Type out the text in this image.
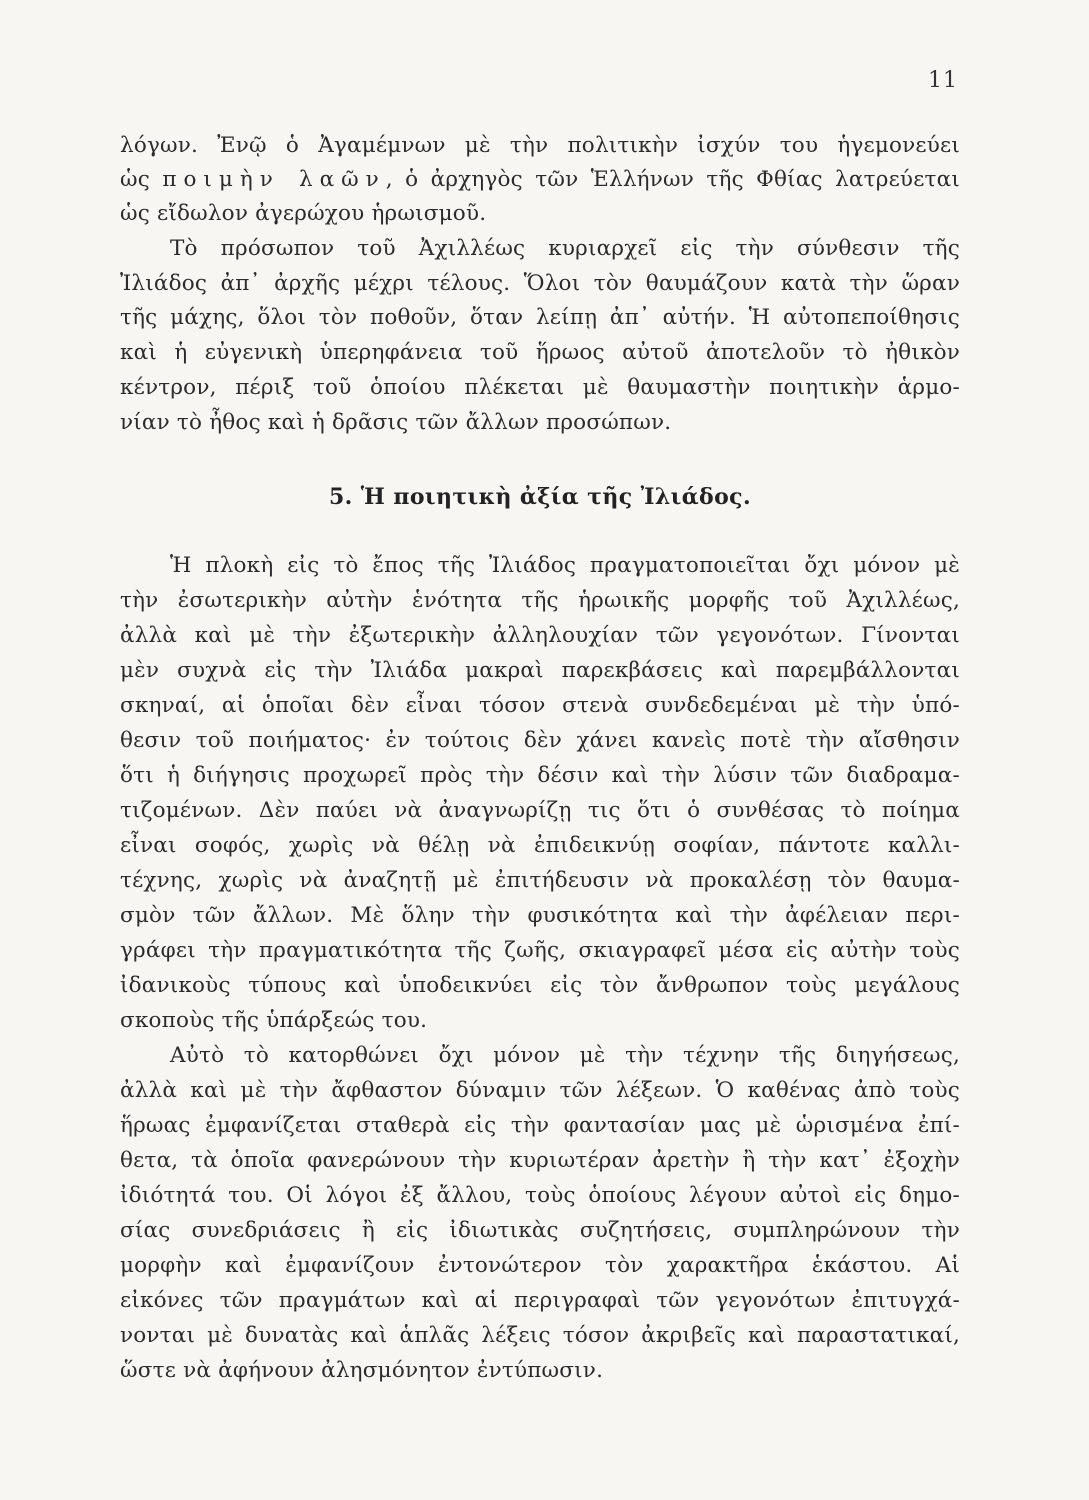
11
λόγων. Ἐνῷ ὁ Ἀγαμέμνων μὲ τὴν πολιτικὴν ἰσχύν του ἡγεμονεύει
ὡς ποιμὴν λαῶν, ὁ ἀρχηγὸς τῶν Ἑλλήνων τῆς Φθίας λατρεύεται
ὡς εἴδωλον ἀγερώχου ἡρωισμοῦ.
Τὸ πρόσωπον τοῦ Ἀχιλλέως κυριαρχεῖ εἰς τὴν σύνθεσιν τῆς
Ἰλιάδος ἀπ᾿ ἀρχῆς μέχρι τέλους. Ὅλοι τὸν θαυμάζουν κατὰ τὴν ὥραν
τῆς μάχης, ὅλοι τὸν ποθοῦν, ὅταν λείπῃ ἀπ᾿ αὐτήν. Ἡ αὐτοπεποίθησις
καὶ ἡ εὐγενικὴ ὑπερηφάνεια τοῦ ἥρωος αὐτοῦ ἀποτελοῦν τὸ ἠθικὸν
κέντρον, πέριξ τοῦ ὁποίου πλέκεται μὲ θαυμαστὴν ποιητικὴν ἁρμο-
νίαν τὸ ἦθος καὶ ἡ δρᾶσις τῶν ἄλλων προσώπων.
5. Ἡ ποιητικὴ ἀξία τῆς Ἰλιάδος.
Ἡ πλοκὴ εἰς τὸ ἔπος τῆς Ἰλιάδος πραγματοποιεῖται ὄχι μόνον μὲ
τὴν ἐσωτερικὴν αὐτὴν ἑνότητα τῆς ἡρωικῆς μορφῆς τοῦ Ἀχιλλέως,
ἀλλὰ καὶ μὲ τὴν ἐξωτερικὴν ἀλληλουχίαν τῶν γεγονότων. Γίνονται
μὲν συχνὰ εἰς τὴν Ἰλιάδα μακραὶ παρεκβάσεις καὶ παρεμβάλλονται
σκηναί, αἱ ὁποῖαι δὲν εἶναι τόσον στενὰ συνδεδεμέναι μὲ τὴν ὑπό-
θεσιν τοῦ ποιήματος· ἐν τούτοις δὲν χάνει κανεὶς ποτὲ τὴν αἴσθησιν
ὅτι ἡ διήγησις προχωρεῖ πρὸς τὴν δέσιν καὶ τὴν λύσιν τῶν διαδραμα-
τιζομένων. Δὲν παύει νὰ ἀναγνωρίζῃ τις ὅτι ὁ συνθέσας τὸ ποίημα
εἶναι σοφός, χωρὶς νὰ θέλῃ νὰ ἐπιδεικνύῃ σοφίαν, πάντοτε καλλι-
τέχνης, χωρὶς νὰ ἀναζητῇ μὲ ἐπιτήδευσιν νὰ προκαλέσῃ τὸν θαυμα-
σμὸν τῶν ἄλλων. Μὲ ὅλην τὴν φυσικότητα καὶ τὴν ἀφέλειαν περι-
γράφει τὴν πραγματικότητα τῆς ζωῆς, σκιαγραφεῖ μέσα εἰς αὐτὴν τοὺς
ἰδανικοὺς τύπους καὶ ὑποδεικνύει εἰς τὸν ἄνθρωπον τοὺς μεγάλους
σκοποὺς τῆς ὑπάρξεώς του.
Αὐτὸ τὸ κατορθώνει ὄχι μόνον μὲ τὴν τέχνην τῆς διηγήσεως,
ἀλλὰ καὶ μὲ τὴν ἄφθαστον δύναμιν τῶν λέξεων. Ὁ καθένας ἀπὸ τοὺς
ἥρωας ἐμφανίζεται σταθερὰ εἰς τὴν φαντασίαν μας μὲ ὡρισμένα ἐπί-
θετα, τὰ ὁποῖα φανερώνουν τὴν κυριωτέραν ἀρετὴν ἢ τὴν κατ᾿ ἐξοχὴν
ἰδιότητά του. Οἱ λόγοι ἐξ ἄλλου, τοὺς ὁποίους λέγουν αὐτοὶ εἰς δημο-
σίας συνεδριάσεις ἢ εἰς ἰδιωτικὰς συζητήσεις, συμπληρώνουν τὴν
μορφὴν καὶ ἐμφανίζουν ἐντονώτερον τὸν χαρακτῆρα ἑκάστου. Αἱ
εἰκόνες τῶν πραγμάτων καὶ αἱ περιγραφαὶ τῶν γεγονότων ἐπιτυγχά-
νονται μὲ δυνατὰς καὶ ἁπλᾶς λέξεις τόσον ἀκριβεῖς καὶ παραστατικαί,
ὥστε νὰ ἀφήνουν ἀλησμόνητον ἐντύπωσιν.
